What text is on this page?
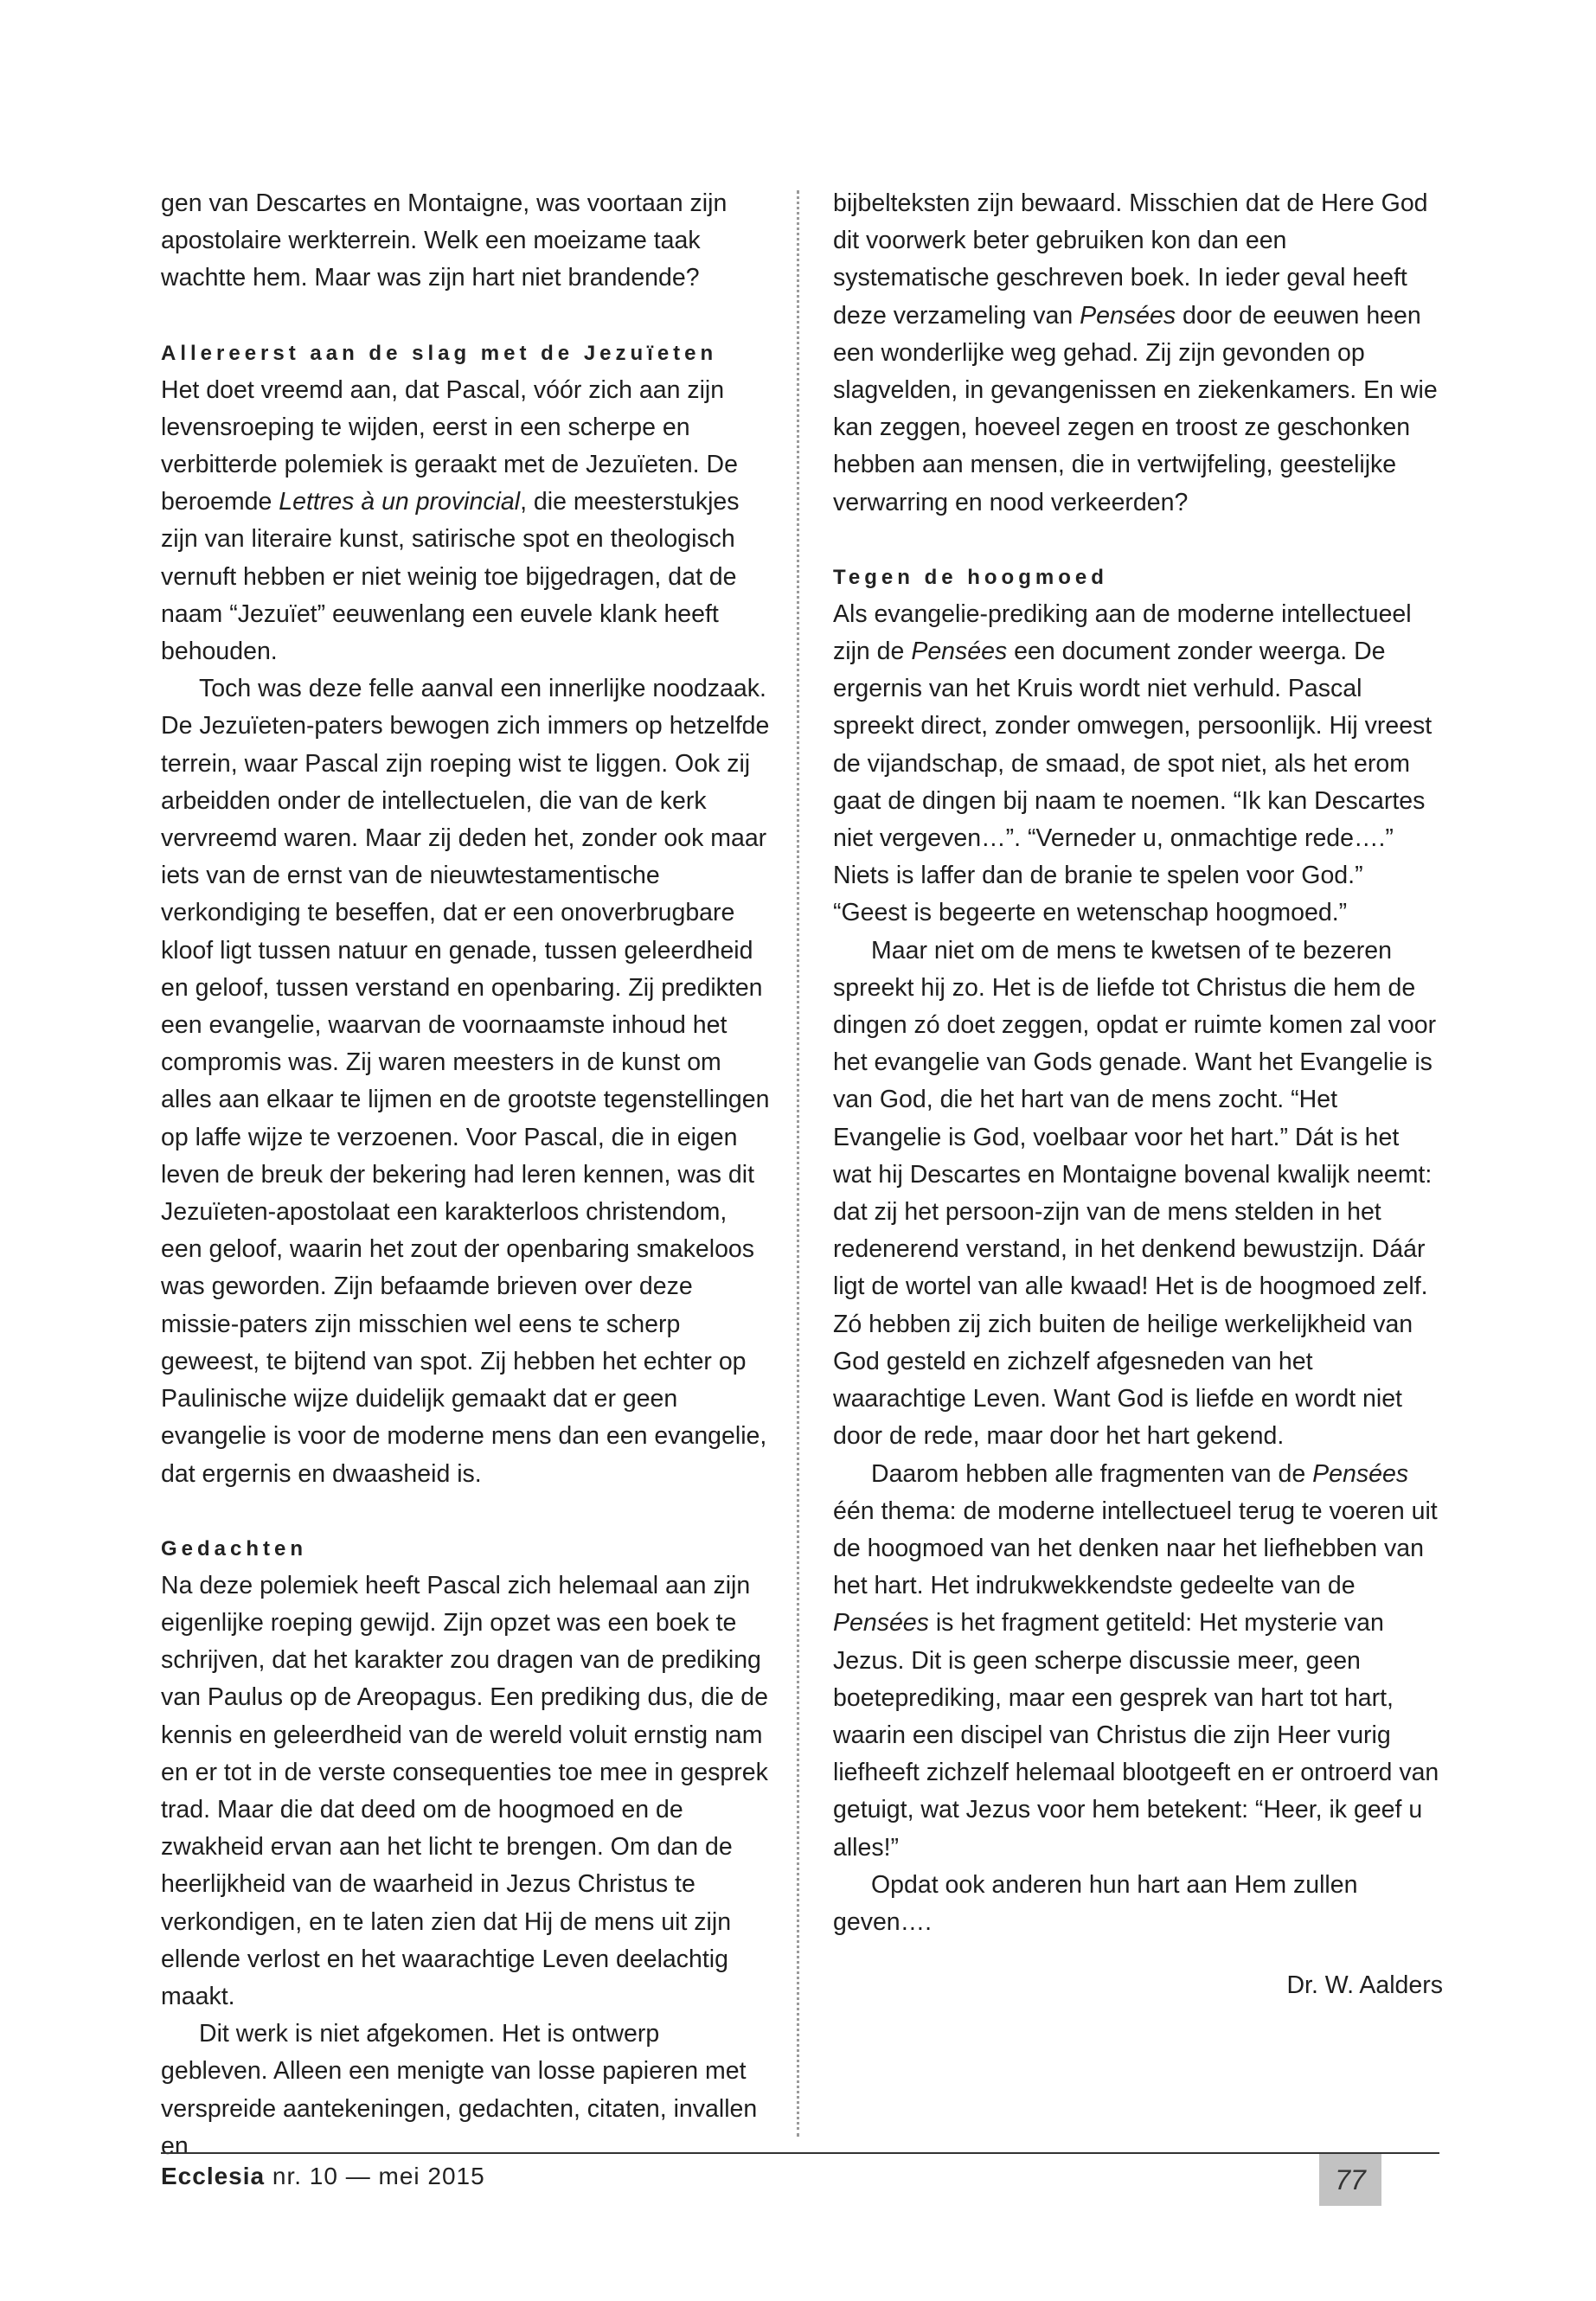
gen van Descartes en Montaigne, was voortaan zijn apostolaire werkterrein. Welk een moeizame taak wachtte hem. Maar was zijn hart niet brandende?

Allereerst aan de slag met de Jezuïeten

Het doet vreemd aan, dat Pascal, vóór zich aan zijn levensroeping te wijden, eerst in een scherpe en verbitterde polemiek is geraakt met de Jezuïeten. De beroemde Lettres à un provincial, die meesterstukjes zijn van literaire kunst, satirische spot en theologisch vernuft hebben er niet weinig toe bijgedragen, dat de naam “Jezuïet” eeuwenlang een euvele klank heeft behouden.

Toch was deze felle aanval een innerlijke noodzaak. De Jezuïeten-paters bewogen zich immers op hetzelfde terrein, waar Pascal zijn roeping wist te liggen. Ook zij arbeidden onder de intellectuelen, die van de kerk vervreemd waren. Maar zij deden het, zonder ook maar iets van de ernst van de nieuwtestamentische verkondiging te beseffen, dat er een onoverbrugbare kloof ligt tussen natuur en genade, tussen geleerdheid en geloof, tussen verstand en openbaring. Zij predikten een evangelie, waarvan de voornaamste inhoud het compromis was. Zij waren meesters in de kunst om alles aan elkaar te lijmen en de grootste tegenstellingen op laffe wijze te verzoenen. Voor Pascal, die in eigen leven de breuk der bekering had leren kennen, was dit Jezuïeten-apostolaat een karakterloos christendom, een geloof, waarin het zout der openbaring smakeloos was geworden. Zijn befaamde brieven over deze missie-paters zijn misschien wel eens te scherp geweest, te bijtend van spot. Zij hebben het echter op Paulinische wijze duidelijk gemaakt dat er geen evangelie is voor de moderne mens dan een evangelie, dat ergernis en dwaasheid is.

Gedachten

Na deze polemiek heeft Pascal zich helemaal aan zijn eigenlijke roeping gewijd. Zijn opzet was een boek te schrijven, dat het karakter zou dragen van de prediking van Paulus op de Areopagus. Een prediking dus, die de kennis en geleerdheid van de wereld voluit ernstig nam en er tot in de verste consequenties toe mee in gesprek trad. Maar die dat deed om de hoogmoed en de zwakheid ervan aan het licht te brengen. Om dan de heerlijkheid van de waarheid in Jezus Christus te verkondigen, en te laten zien dat Hij de mens uit zijn ellende verlost en het waarachtige Leven deelachtig maakt.

Dit werk is niet afgekomen. Het is ontwerp gebleven. Alleen een menigte van losse papieren met verspreide aantekeningen, gedachten, citaten, invallen en

bijbelteksten zijn bewaard. Misschien dat de Here God dit voorwerk beter gebruiken kon dan een systematische geschreven boek. In ieder geval heeft deze verzameling van Pensées door de eeuwen heen een wonderlijke weg gehad. Zij zijn gevonden op slagvelden, in gevangenissen en ziekenkamers. En wie kan zeggen, hoeveel zegen en troost ze geschonken hebben aan mensen, die in vertwijfeling, geestelijke verwarring en nood verkeerden?

Tegen de hoogmoed

Als evangelie-prediking aan de moderne intellectueel zijn de Pensées een document zonder weerga. De ergernis van het Kruis wordt niet verhuld. Pascal spreekt direct, zonder omwegen, persoonlijk. Hij vreest de vijandschap, de smaad, de spot niet, als het erom gaat de dingen bij naam te noemen. “Ik kan Descartes niet vergeven…”. “Verneder u, onmachtige rede….” Niets is laffer dan de branie te spelen voor God.” “Geest is begeerte en wetenschap hoogmoed.”

Maar niet om de mens te kwetsen of te bezeren spreekt hij zo. Het is de liefde tot Christus die hem de dingen zó doet zeggen, opdat er ruimte komen zal voor het evangelie van Gods genade. Want het Evangelie is van God, die het hart van de mens zocht. “Het Evangelie is God, voelbaar voor het hart.” Dát is het wat hij Descartes en Montaigne bovenal kwalijk neemt: dat zij het persoon-zijn van de mens stelden in het redenerend verstand, in het denkend bewustzijn. Dáár ligt de wortel van alle kwaad! Het is de hoogmoed zelf. Zó hebben zij zich buiten de heilige werkelijkheid van God gesteld en zichzelf afgesneden van het waarachtige Leven. Want God is liefde en wordt niet door de rede, maar door het hart gekend.

Daarom hebben alle fragmenten van de Pensées één thema: de moderne intellectueel terug te voeren uit de hoogmoed van het denken naar het liefhebben van het hart. Het indrukwekkendste gedeelte van de Pensées is het fragment getiteld: Het mysterie van Jezus. Dit is geen scherpe discussie meer, geen boeteprediking, maar een gesprek van hart tot hart, waarin een discipel van Christus die zijn Heer vurig liefheeft zichzelf helemaal blootgeeft en er ontroerd van getuigt, wat Jezus voor hem betekent: “Heer, ik geef u alles!”

Opdat ook anderen hun hart aan Hem zullen geven….

Dr. W. Aalders

Ecclesia nr. 10 — mei 2015	77
